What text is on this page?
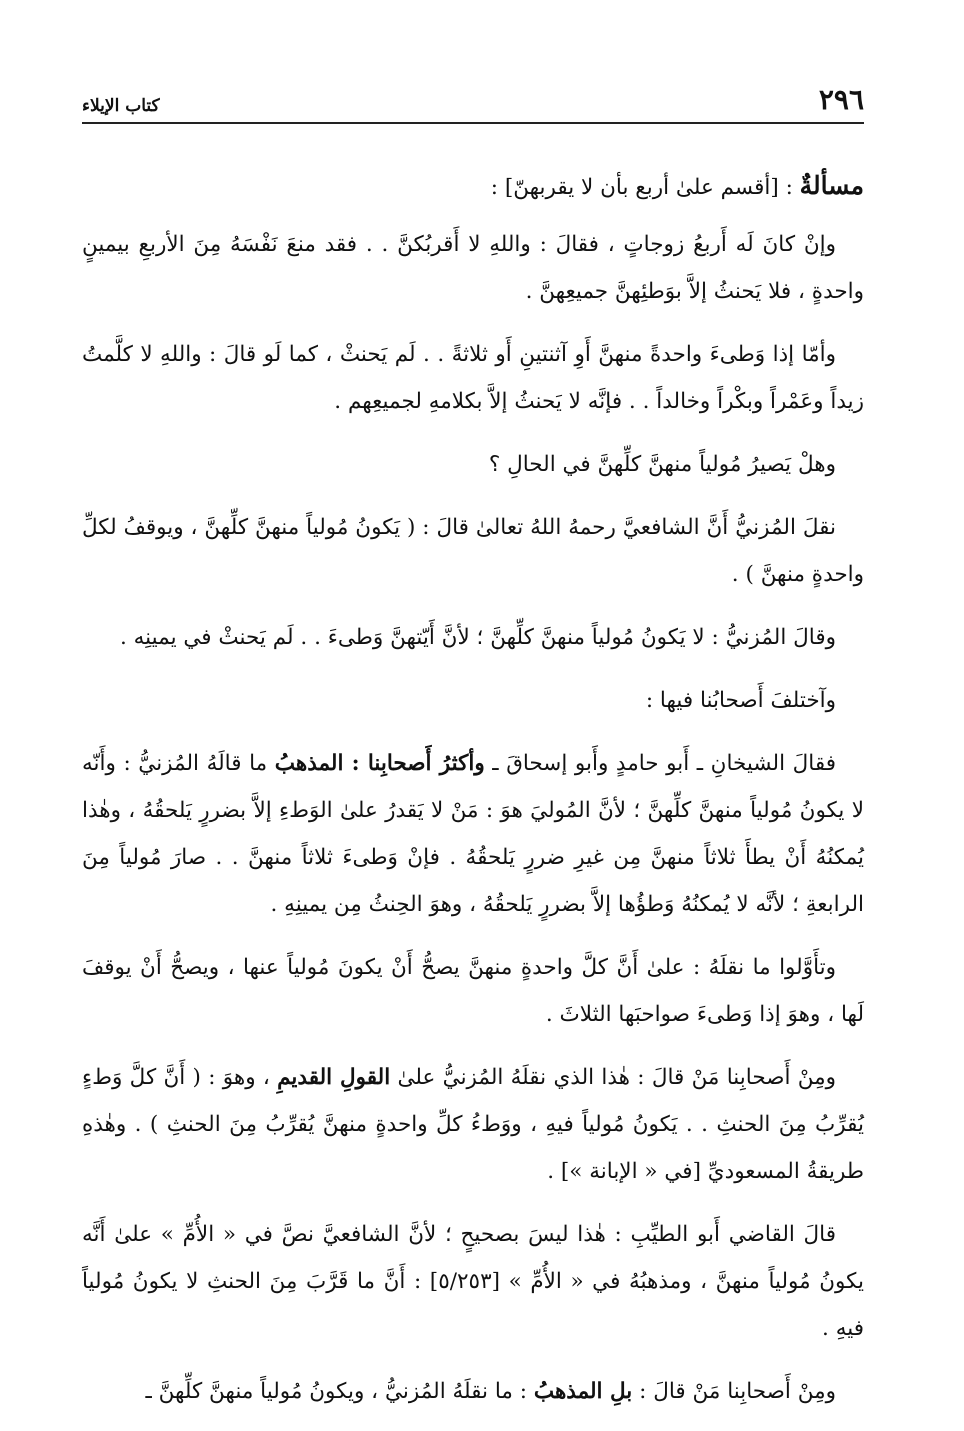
٢٩٦
كتاب الإيلاء

مسألةٌ : [أقسم علىٰ أربع بأن لا يقربهنّ] :

وإنْ كانَ لَه أَربعُ زوجاتٍ ، فقالَ : واللهِ لا أَقربُكنَّ . . فقد منعَ نَفْسَهُ مِنَ الأربعِ بيمينٍ واحدةٍ ، فلا يَحنثُ إلاَّ بوَطئِهنَّ جميعِهنَّ .

وأمّا إذا وَطىءَ واحدةً منهنَّ أَوِ آثنتينِ أَو ثلاثةً . . لَم يَحنثْ ، كما لَو قالَ : واللهِ لا كلَّمتُ زيداً وعَمْراً وبكْراً وخالداً . . فإنَّه لا يَحنثُ إلاَّ بكلامهِ لجميعِهم .

وهلْ يَصيرُ مُولياً منهنَّ كلِّهنَّ في الحالِ ؟

نقلَ المُزنيُّ أَنَّ الشافعيَّ رحمهُ اللهُ تعالىٰ قالَ : ( يَكونُ مُولياً منهنَّ كلِّهنَّ ، ويوقفُ لكلِّ واحدةٍ منهنَّ ) .

وقالَ المُزنيُّ : لا يَكونُ مُولياً منهنَّ كلِّهنَّ ؛ لأنَّ أَيّتهنَّ وَطىءَ . . لَم يَحنثْ في يمينِه .

وآختلفَ أَصحابُنا فيها :

فقالَ الشيخانِ ـ أَبو حامدٍ وأَبو إسحاقَ ـ وأكثرُ أَصحابِنا : المذهبُ ما قالَهُ المُزنيُّ : وأَنّه لا يكونُ مُولياً منهنَّ كلِّهنَّ ؛ لأنَّ المُوليَ هوَ : مَنْ لا يَقدرُ علىٰ الوَطءِ إلاَّ بضررٍ يَلحقُهُ ، وهٰذا يُمكنُهُ أَنْ يطأَ ثلاثاً منهنَّ مِن غيرِ ضررٍ يَلحقُهُ . فإنْ وَطىءَ ثلاثاً منهنَّ . . صارَ مُولياً مِنَ الرابعةِ ؛ لأنَّه لا يُمكنُهُ وَطؤُها إلاَّ بضررٍ يَلحقُهُ ، وهوَ الحِنثُ مِن يمينِهِ .

وتأَوَّلوا ما نقلَهُ : علىٰ أَنَّ كلَّ واحدةٍ منهنَّ يصحُّ أَنْ يكونَ مُولياً عنها ، ويصحُّ أَنْ يوقفَ لَها ، وهوَ إذا وَطىءَ صواحبَها الثلاثَ .

ومِنْ أَصحابِنا مَنْ قالَ : هٰذا الذي نقلَهُ المُزنيُّ علىٰ القولِ القديمِ ، وهوَ : ( أَنَّ كلَّ وَطءٍ يُقرِّبُ مِنَ الحنثِ . . يَكونُ مُولياً فيهِ ، ووَطءُ كلِّ واحدةٍ منهنَّ يُقرِّبُ مِنَ الحنثِ ) . وهٰذهِ طريقةُ المسعوديِّ [في « الإبانة »] .

قالَ القاضي أَبو الطيِّبِ : هٰذا ليسَ بصحيحٍ ؛ لأنَّ الشافعيَّ نصَّ في « الأُمِّ » علىٰ أَنَّه يكونُ مُولياً منهنَّ ، ومذهبُهُ في « الأُمِّ » [٥/٢٥٣] : أَنَّ ما قَرَّبَ مِنَ الحنثِ لا يكونُ مُولياً فيهِ .

ومِنْ أَصحابِنا مَنْ قالَ : بلِ المذهبُ : ما نقلَهُ المُزنيُّ ، ويكونُ مُولياً منهنَّ كلِّهنَّ ـ
